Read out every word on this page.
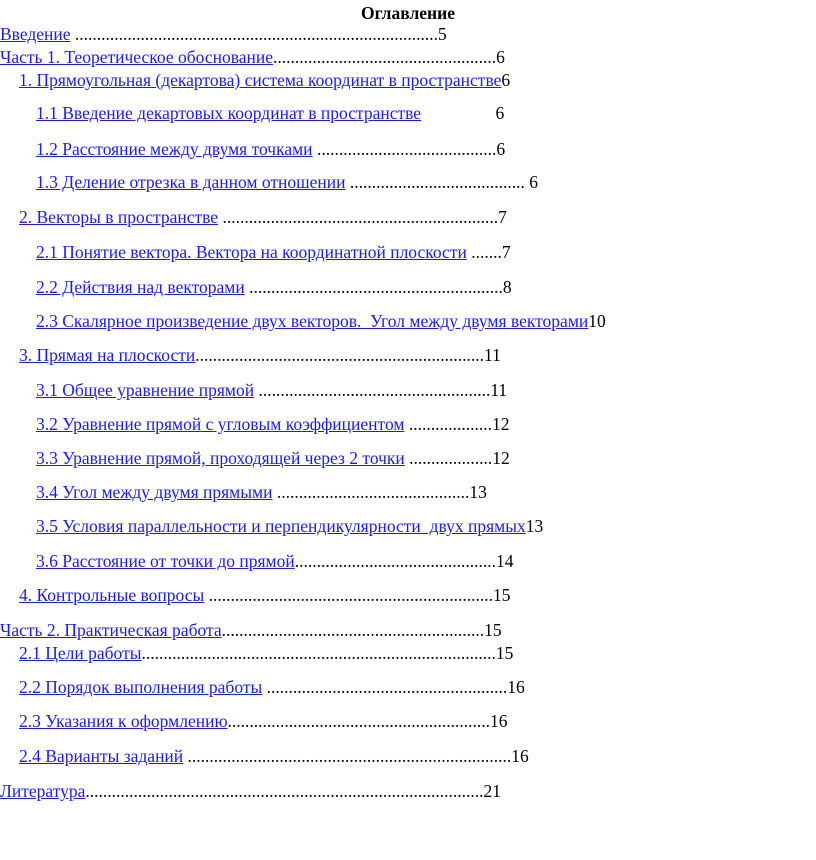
Оглавление
Введение ...................................................................................5
Часть 1. Теоретическое обоснование...................................................6
1. Прямоугольная (декартова) система координат в пространстве6
1.1 Введение декартовых координат в пространстве	6
1.2 Расстояние между двумя точками .........................................6
1.3 Деление отрезка в данном отношении ........................................ 6
2. Векторы в пространстве ...............................................................7
2.1 Понятие вектора. Вектора на координатной плоскости .......7
2.2 Действия над векторами ..........................................................8
2.3 Скалярное произведение двух векторов.  Угол между двумя векторами10
3. Прямая на плоскости..................................................................11
3.1 Общее уравнение прямой .....................................................11
3.2 Уравнение прямой с угловым коэффициентом ...................12
3.3 Уравнение прямой, проходящей через 2 точки ...................12
3.4 Угол между двумя прямыми ............................................13
3.5 Условия параллельности и перпендикулярности  двух прямых13
3.6 Расстояние от точки до прямой..............................................14
4. Контрольные вопросы .................................................................15
Часть 2. Практическая работа............................................................15
2.1 Цели работы.................................................................................15
2.2 Порядок выполнения работы .......................................................16
2.3 Указания к оформлению............................................................16
2.4 Варианты заданий ..........................................................................16
Литература...........................................................................................21
